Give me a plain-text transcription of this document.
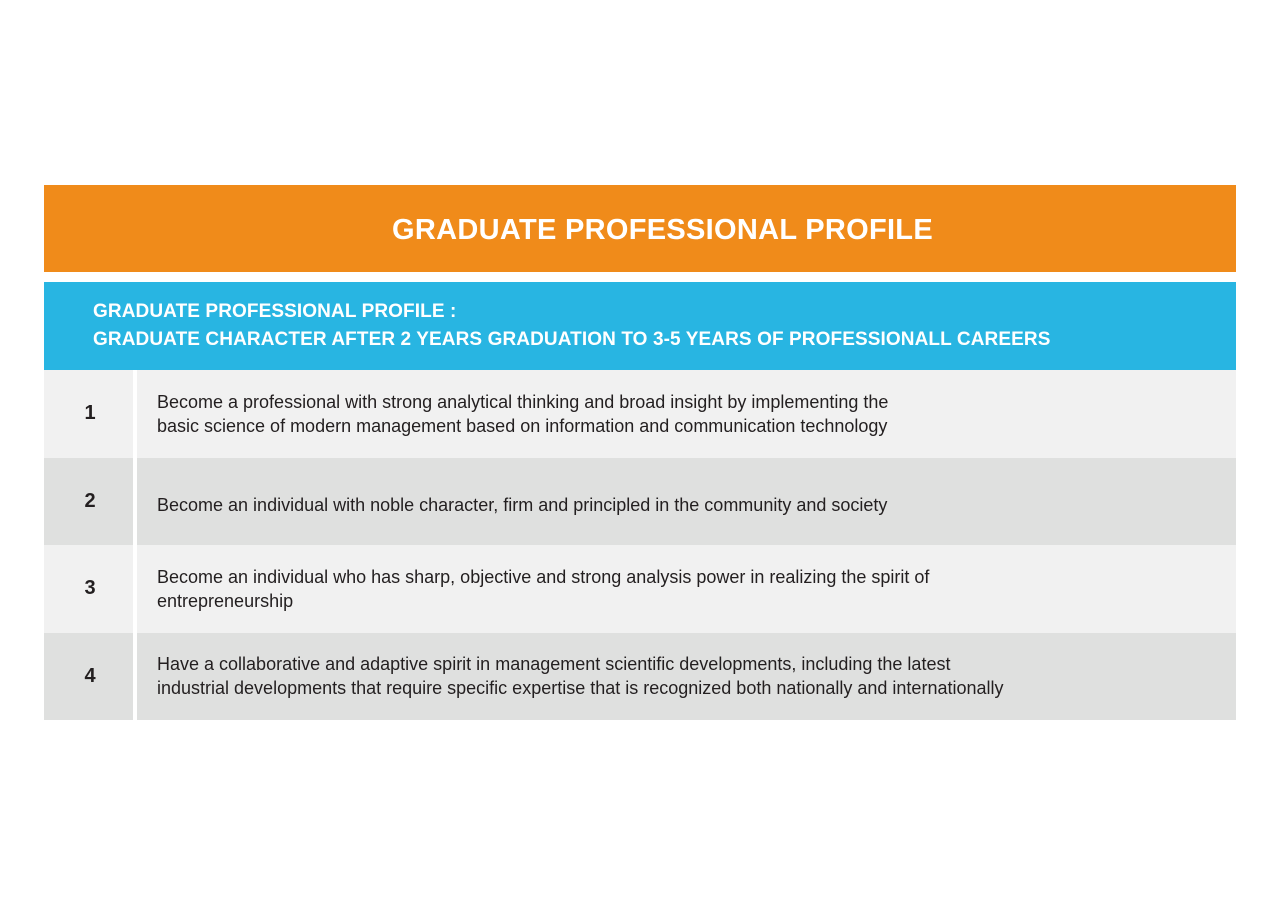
GRADUATE PROFESSIONAL PROFILE
GRADUATE PROFESSIONAL PROFILE :
GRADUATE CHARACTER AFTER 2 YEARS GRADUATION TO 3-5 YEARS OF PROFESSIONALL CAREERS
1
Become a professional with strong analytical thinking and broad insight by implementing the
basic science of modern management based on information and communication technology
2	Become an individual with noble character, firm and principled in the community and society
3
Become an individual who has sharp, objective and strong analysis power in realizing the spirit of
entrepreneurship
4
Have a collaborative and adaptive spirit in management scientific developments, including the latest
industrial developments that require specific expertise that is recognized both nationally and internationally
